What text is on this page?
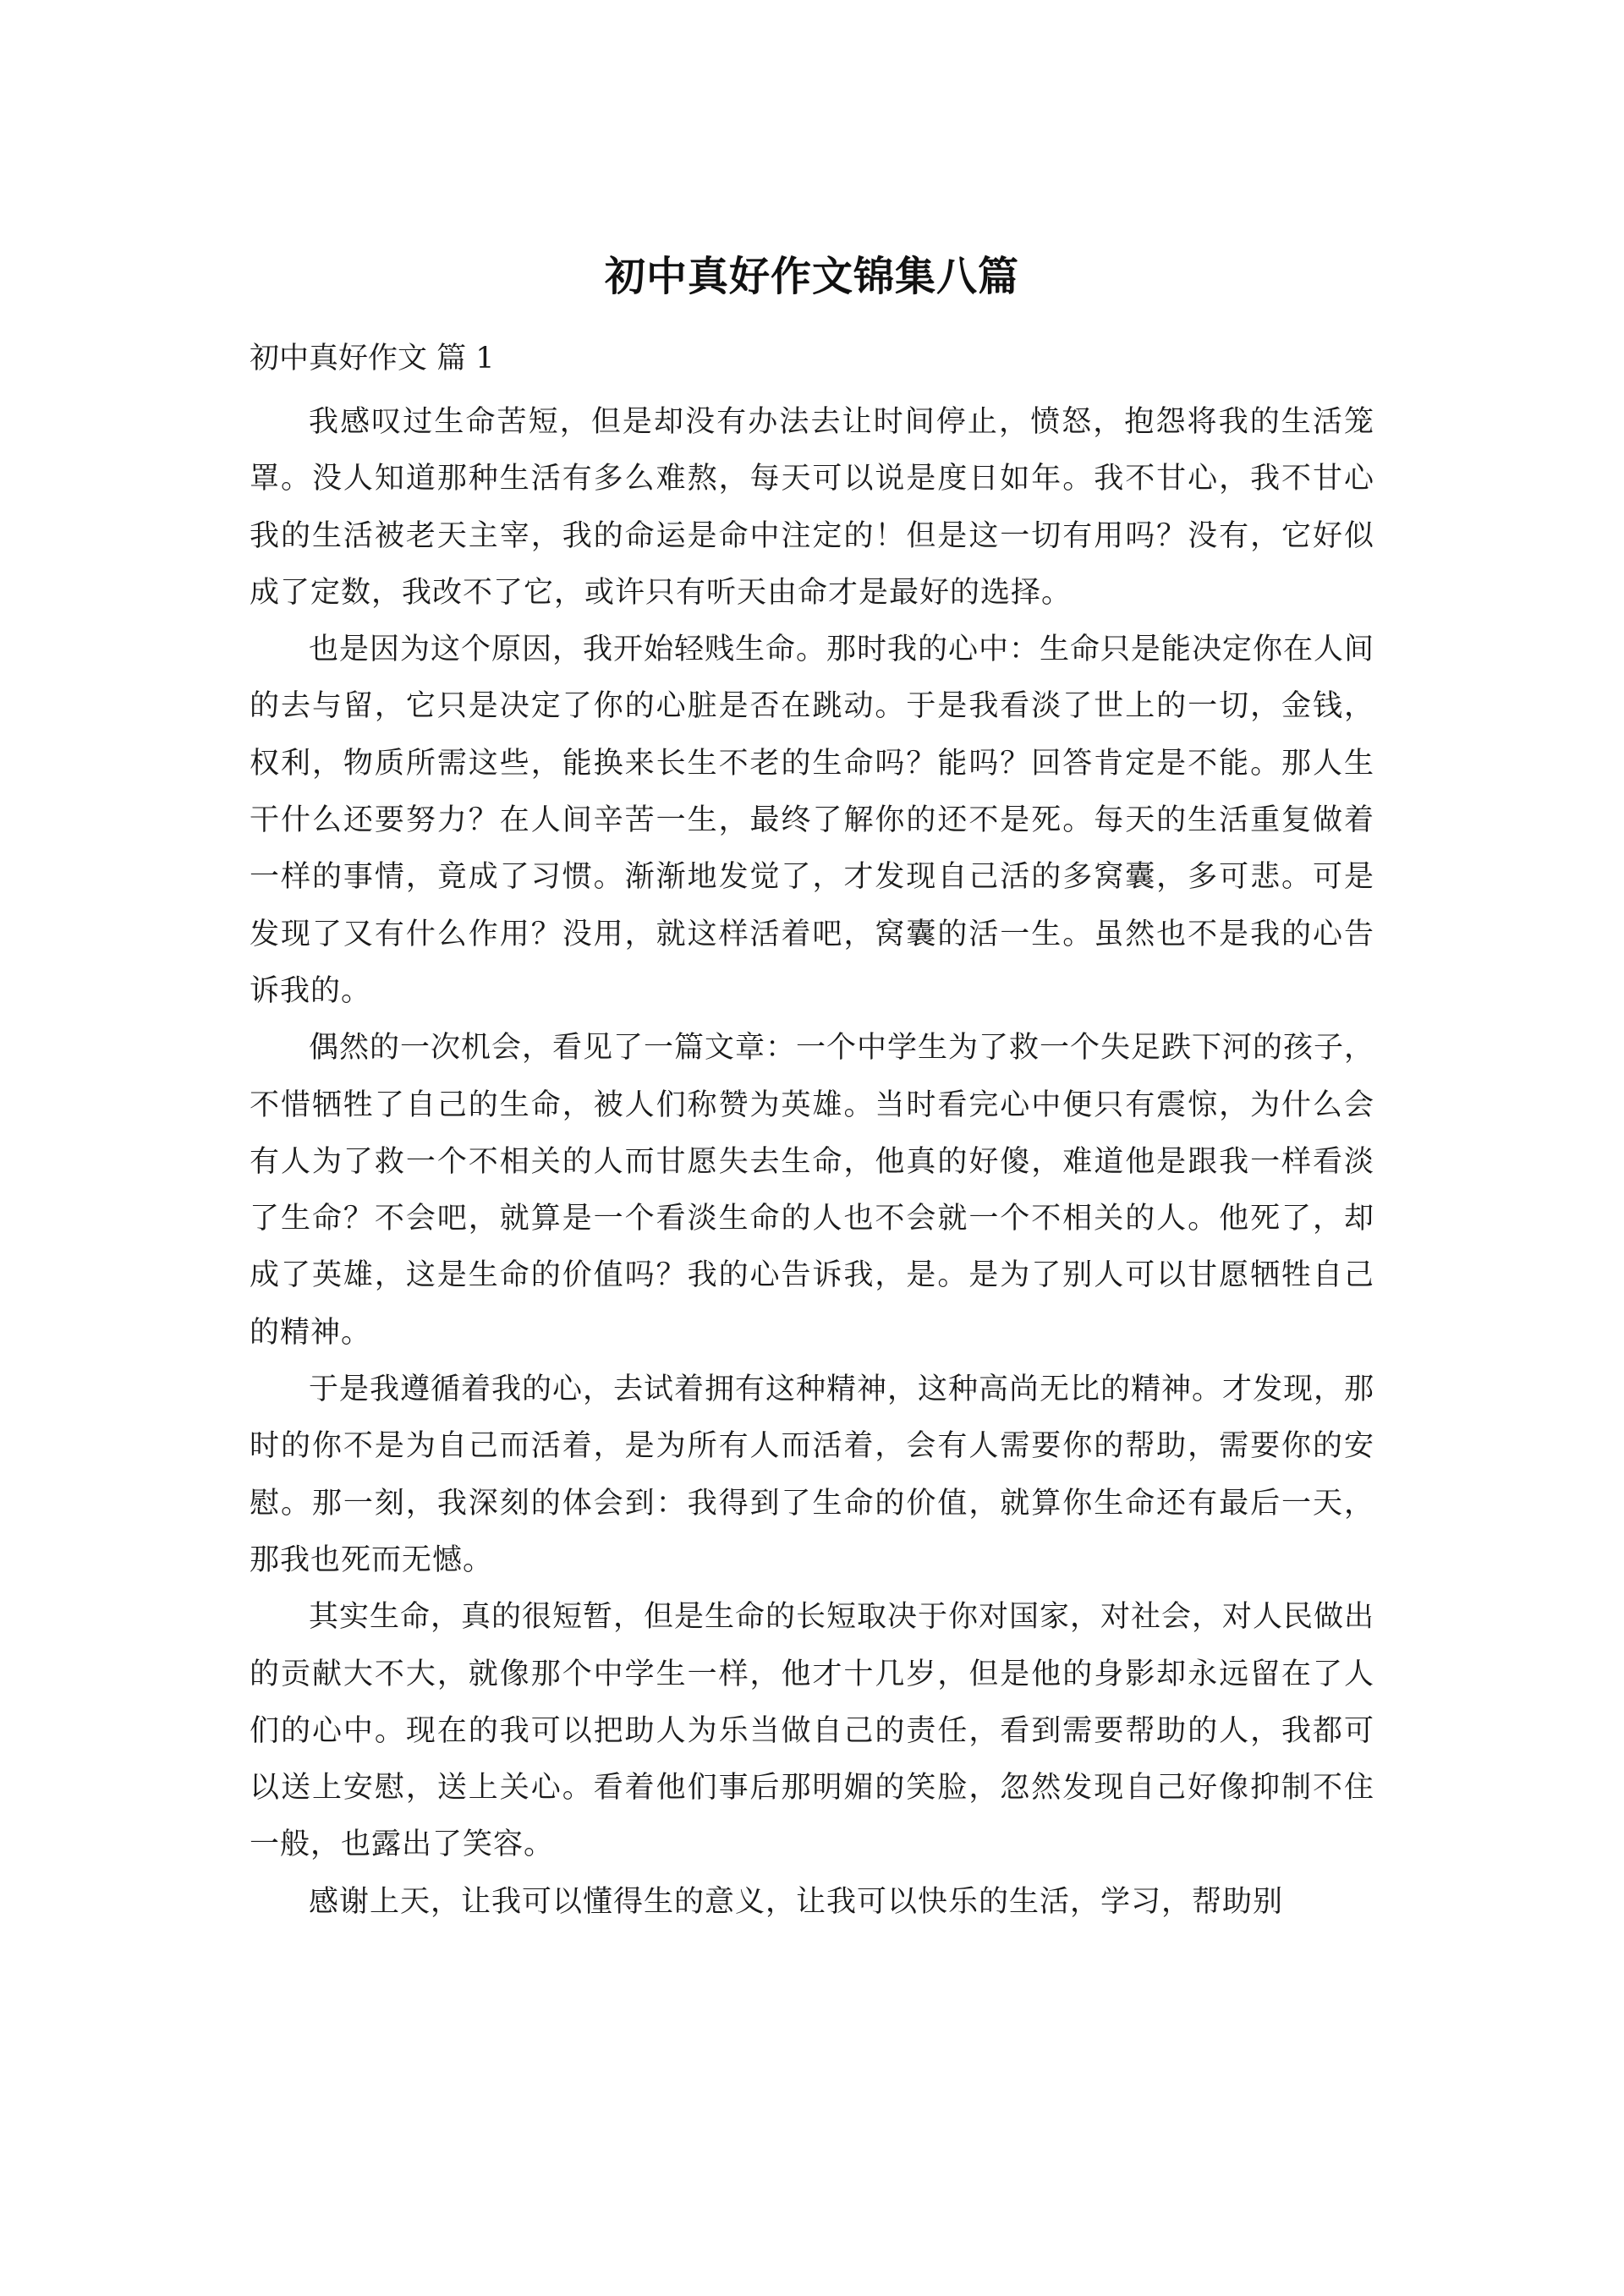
初中真好作文锦集八篇
初中真好作文 篇 1

我感叹过生命苦短，但是却没有办法去让时间停止，愤怒，抱怨将我的生活笼罩。没人知道那种生活有多么难熬，每天可以说是度日如年。我不甘心，我不甘心我的生活被老天主宰，我的命运是命中注定的！但是这一切有用吗？没有，它好似成了定数，我改不了它，或许只有听天由命才是最好的选择。

也是因为这个原因，我开始轻贱生命。那时我的心中：生命只是能决定你在人间的去与留，它只是决定了你的心脏是否在跳动。于是我看淡了世上的一切，金钱，权利，物质所需这些，能换来长生不老的生命吗？能吗？回答肯定是不能。那人生干什么还要努力？在人间辛苦一生，最终了解你的还不是死。每天的生活重复做着一样的事情，竟成了习惯。渐渐地发觉了，才发现自己活的多窝囊，多可悲。可是发现了又有什么作用？没用，就这样活着吧，窝囊的活一生。虽然也不是我的心告诉我的。

偶然的一次机会，看见了一篇文章：一个中学生为了救一个失足跌下河的孩子，不惜牺牲了自己的生命，被人们称赞为英雄。当时看完心中便只有震惊，为什么会有人为了救一个不相关的人而甘愿失去生命，他真的好傻，难道他是跟我一样看淡了生命？不会吧，就算是一个看淡生命的人也不会就一个不相关的人。他死了，却成了英雄，这是生命的价值吗？我的心告诉我，是。是为了别人可以甘愿牺牲自己的精神。

于是我遵循着我的心，去试着拥有这种精神，这种高尚无比的精神。才发现，那时的你不是为自己而活着，是为所有人而活着，会有人需要你的帮助，需要你的安慰。那一刻，我深刻的体会到：我得到了生命的价值，就算你生命还有最后一天，那我也死而无憾。

其实生命，真的很短暂，但是生命的长短取决于你对国家，对社会，对人民做出的贡献大不大，就像那个中学生一样，他才十几岁，但是他的身影却永远留在了人们的心中。现在的我可以把助人为乐当做自己的责任，看到需要帮助的人，我都可以送上安慰，送上关心。看着他们事后那明媚的笑脸，忽然发现自己好像抑制不住一般，也露出了笑容。

感谢上天，让我可以懂得生的意义，让我可以快乐的生活，学习，帮助别
